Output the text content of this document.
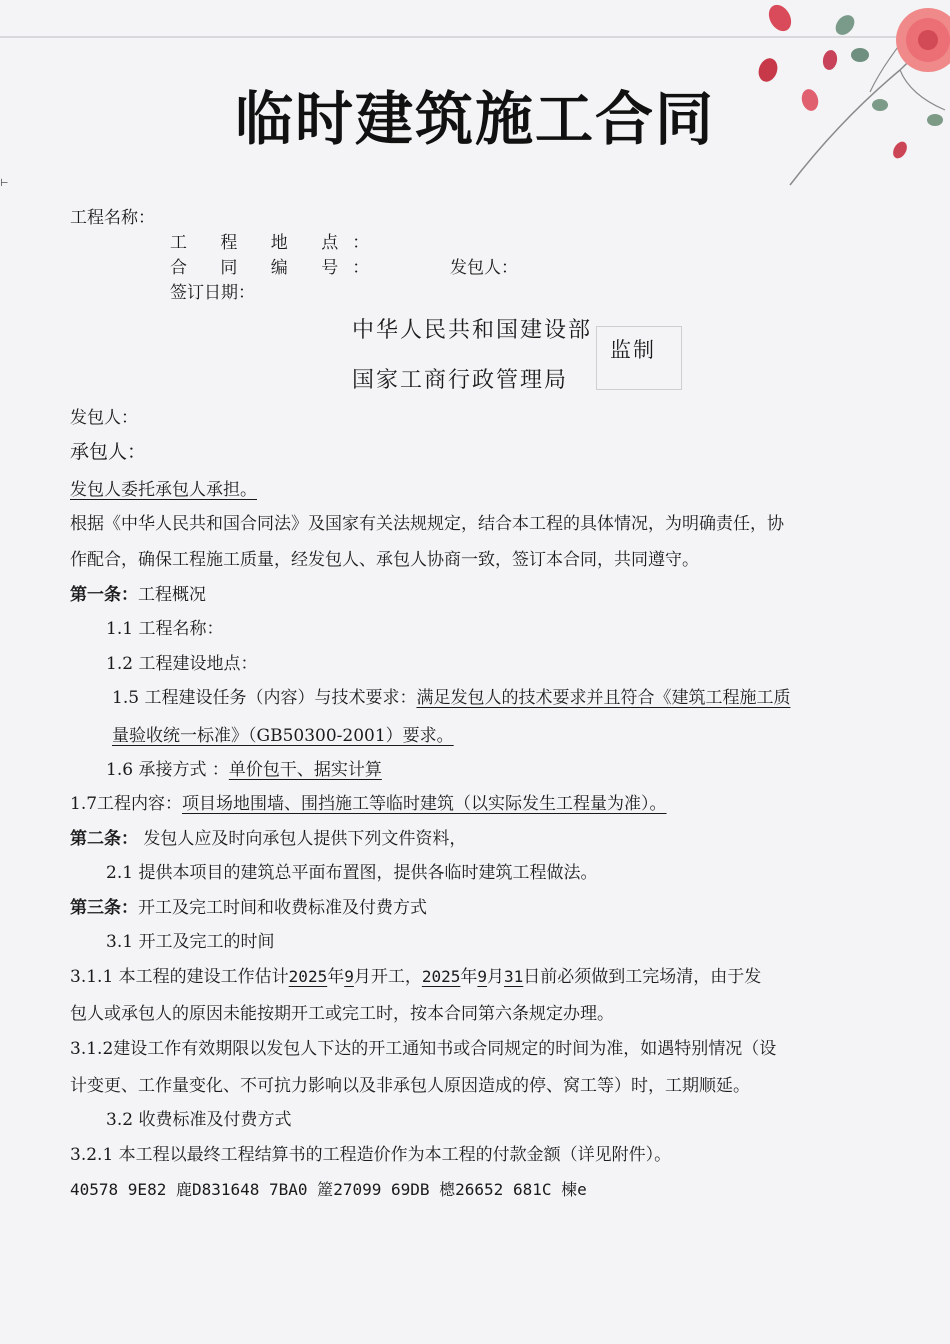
⊢
临时建筑施工合同
工程名称：
工 程 地 点：
合 同 编 号：	发包人：
签订日期：
中华人民共和国建设部
国家工商行政管理局
监制
发包人：
承包人：
发包人委托承包人承担。
根据《中华人民共和国合同法》及国家有关法规规定，结合本工程的具体情况，为明确责任，协
作配合，确保工程施工质量，经发包人、承包人协商一致，签订本合同，共同遵守。
第一条：工程概况
1.1 工程名称：
1.2 工程建设地点：
1.5 工程建设任务（内容）与技术要求：满足发包人的技术要求并且符合《建筑工程施工质
量验收统一标准》（GB50300-2001）要求。
1.6 承接方式 ：单价包干、据实计算
1.7工程内容：项目场地围墙、围挡施工等临时建筑（以实际发生工程量为准）。
第二条： 发包人应及时向承包人提供下列文件资料，
2.1 提供本项目的建筑总平面布置图，提供各临时建筑工程做法。
第三条：开工及完工时间和收费标准及付费方式
3.1 开工及完工的时间
3.1.1 本工程的建设工作估计2025年9月开工，2025年9月31日前必须做到工完场清，由于发
包人或承包人的原因未能按期开工或完工时，按本合同第六条规定办理。
3.1.2建设工作有效期限以发包人下达的开工通知书或合同规定的时间为准，如遇特别情况（设
计变更、工作量变化、不可抗力影响以及非承包人原因造成的停、窝工等）时，工期顺延。
3.2 收费标准及付费方式
3.2.1 本工程以最终工程结算书的工程造价作为本工程的付款金额（详见附件）。
40578 9E82 鹿D831648 7BA0 簅27099 69DB 樬26652 681C 楝e
